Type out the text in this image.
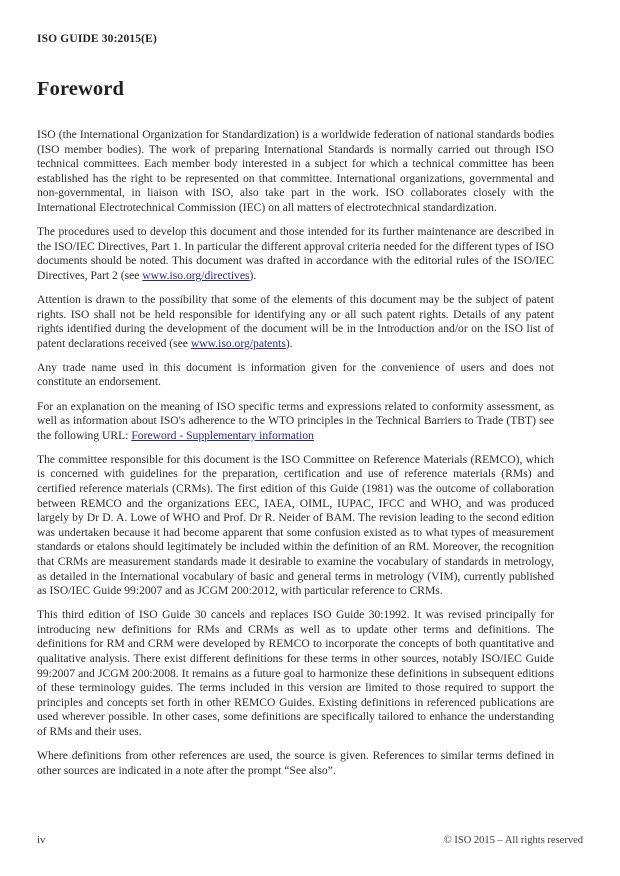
ISO GUIDE 30:2015(E)
Foreword

ISO (the International Organization for Standardization) is a worldwide federation of national standards bodies (ISO member bodies). The work of preparing International Standards is normally carried out through ISO technical committees. Each member body interested in a subject for which a technical committee has been established has the right to be represented on that committee. International organizations, governmental and non-governmental, in liaison with ISO, also take part in the work. ISO collaborates closely with the International Electrotechnical Commission (IEC) on all matters of electrotechnical standardization.

The procedures used to develop this document and those intended for its further maintenance are described in the ISO/IEC Directives, Part 1. In particular the different approval criteria needed for the different types of ISO documents should be noted. This document was drafted in accordance with the editorial rules of the ISO/IEC Directives, Part 2 (see www.iso.org/directives).

Attention is drawn to the possibility that some of the elements of this document may be the subject of patent rights. ISO shall not be held responsible for identifying any or all such patent rights. Details of any patent rights identified during the development of the document will be in the Introduction and/or on the ISO list of patent declarations received (see www.iso.org/patents).

Any trade name used in this document is information given for the convenience of users and does not constitute an endorsement.

For an explanation on the meaning of ISO specific terms and expressions related to conformity assessment, as well as information about ISO's adherence to the WTO principles in the Technical Barriers to Trade (TBT) see the following URL: Foreword - Supplementary information

The committee responsible for this document is the ISO Committee on Reference Materials (REMCO), which is concerned with guidelines for the preparation, certification and use of reference materials (RMs) and certified reference materials (CRMs). The first edition of this Guide (1981) was the outcome of collaboration between REMCO and the organizations EEC, IAEA, OIML, IUPAC, IFCC and WHO, and was produced largely by Dr D. A. Lowe of WHO and Prof. Dr R. Neider of BAM. The revision leading to the second edition was undertaken because it had become apparent that some confusion existed as to what types of measurement standards or etalons should legitimately be included within the definition of an RM. Moreover, the recognition that CRMs are measurement standards made it desirable to examine the vocabulary of standards in metrology, as detailed in the International vocabulary of basic and general terms in metrology (VIM), currently published as ISO/IEC Guide 99:2007 and as JCGM 200:2012, with particular reference to CRMs.

This third edition of ISO Guide 30 cancels and replaces ISO Guide 30:1992. It was revised principally for introducing new definitions for RMs and CRMs as well as to update other terms and definitions. The definitions for RM and CRM were developed by REMCO to incorporate the concepts of both quantitative and qualitative analysis. There exist different definitions for these terms in other sources, notably ISO/IEC Guide 99:2007 and JCGM 200:2008. It remains as a future goal to harmonize these definitions in subsequent editions of these terminology guides. The terms included in this version are limited to those required to support the principles and concepts set forth in other REMCO Guides. Existing definitions in referenced publications are used wherever possible. In other cases, some definitions are specifically tailored to enhance the understanding of RMs and their uses.

Where definitions from other references are used, the source is given. References to similar terms defined in other sources are indicated in a note after the prompt “See also”.

iv	© ISO 2015 – All rights reserved
